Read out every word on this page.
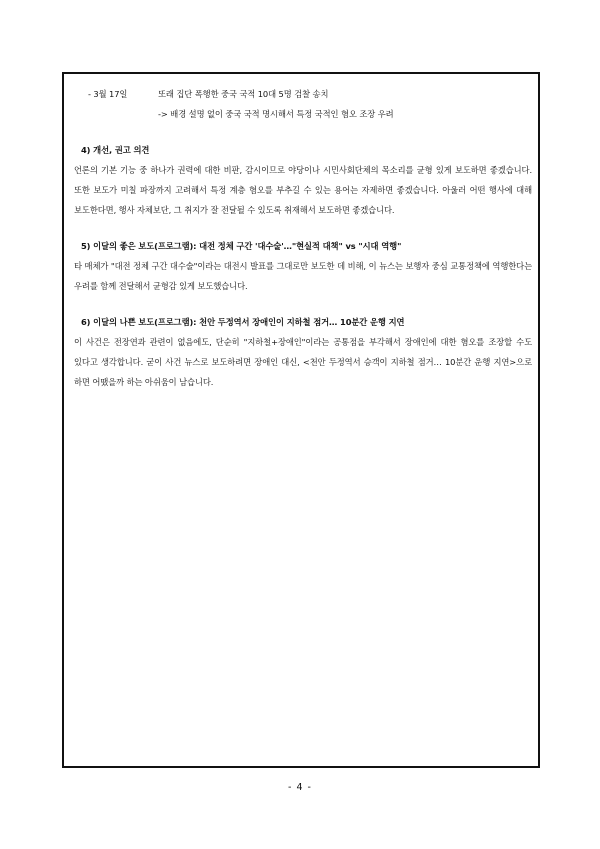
- 3월 17일	또래 집단 폭행한 중국 국적 10대 5명 검찰 송치
-> 배경 설명 없이 중국 국적 명시해서 특정 국적인 혐오 조장 우려
4) 개선, 권고 의견
언론의 기본 기능 중 하나가 권력에 대한 비판, 감시이므로 야당이나 시민사회단체의 목소리를 균형 있게 보도하면 좋겠습니다. 또한 보도가 미칠 파장까지 고려해서 특정 계층 혐오를 부추길 수 있는 용어는 자제하면 좋겠습니다. 아울러 어떤 행사에 대해 보도한다면, 행사 자체보단, 그 취지가 잘 전달될 수 있도록 취재해서 보도하면 좋겠습니다.
5) 이달의 좋은 보도(프로그램): 대전 정체 구간 '대수술'…"현실적 대책" vs "시대 역행"
타 매체가 "대전 정체 구간 대수술"이라는 대전시 발표를 그대로만 보도한 데 비해, 이 뉴스는 보행자 중심 교통정책에 역행한다는 우려를 함께 전달해서 균형감 있게 보도했습니다.
6) 이달의 나쁜 보도(프로그램): 천안 두정역서 장애인이 지하철 점거… 10분간 운행 지연
이 사건은 전장연과 관련이 없음에도, 단순히 "지하철+장애인"이라는 공통점을 부각해서 장애인에 대한 혐오를 조장할 수도 있다고 생각합니다. 굳이 사건 뉴스로 보도하려면 장애인 대신, <천안 두정역서 승객이 지하철 점거… 10분간 운행 지연>으로 하면 어땠을까 하는 아쉬움이 남습니다.
- 4 -
